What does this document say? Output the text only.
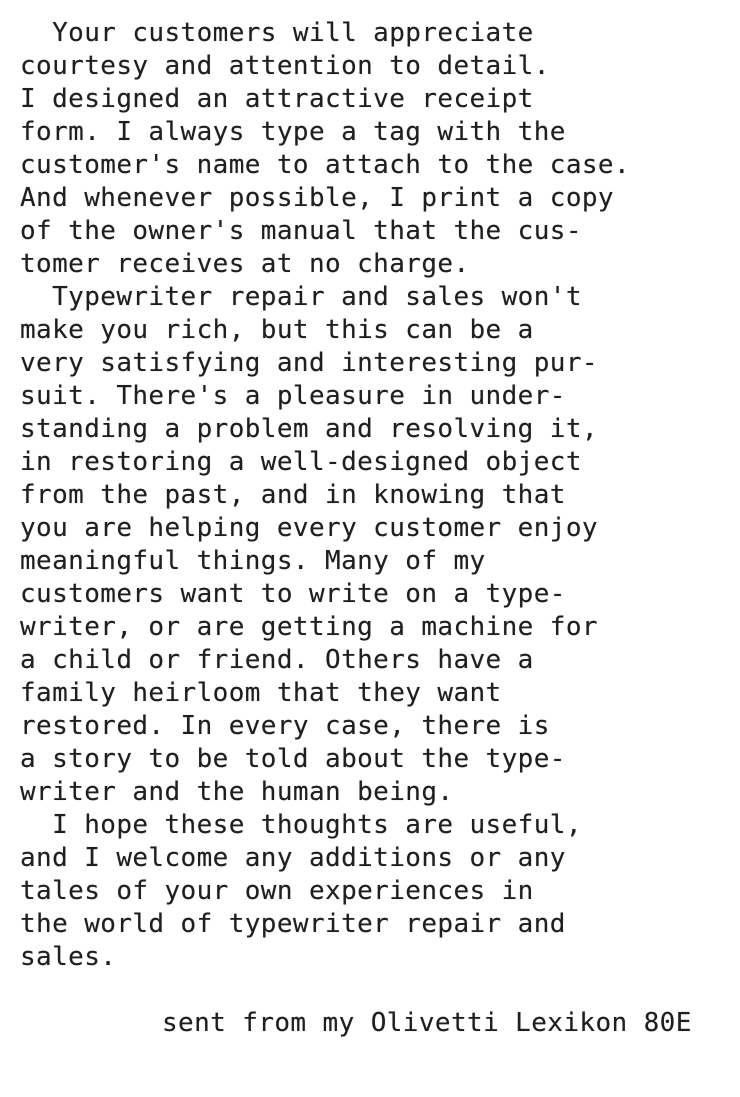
Your customers will appreciate

courtesy and attention to detail.

I designed an attractive receipt

form. I always type a tag with the

customer's name to attach to the case.

And whenever possible, I print a copy

of the owner's manual that the cus-

tomer receives at no charge.

Typewriter repair and sales won't

make you rich, but this can be a

very satisfying and interesting pur-

suit. There's a pleasure in under-

standing a problem and resolving it,

in restoring a well-designed object

from the past, and in knowing that

you are helping every customer enjoy

meaningful things. Many of my

customers want to write on a type-

writer, or are getting a machine for

a child or friend. Others have a

family heirloom that they want

restored. In every case, there is

a story to be told about the type-

writer and the human being.

I hope these thoughts are useful,

and I welcome any additions or any

tales of your own experiences in

the world of typewriter repair and

sales.

sent from my Olivetti Lexikon 80E
